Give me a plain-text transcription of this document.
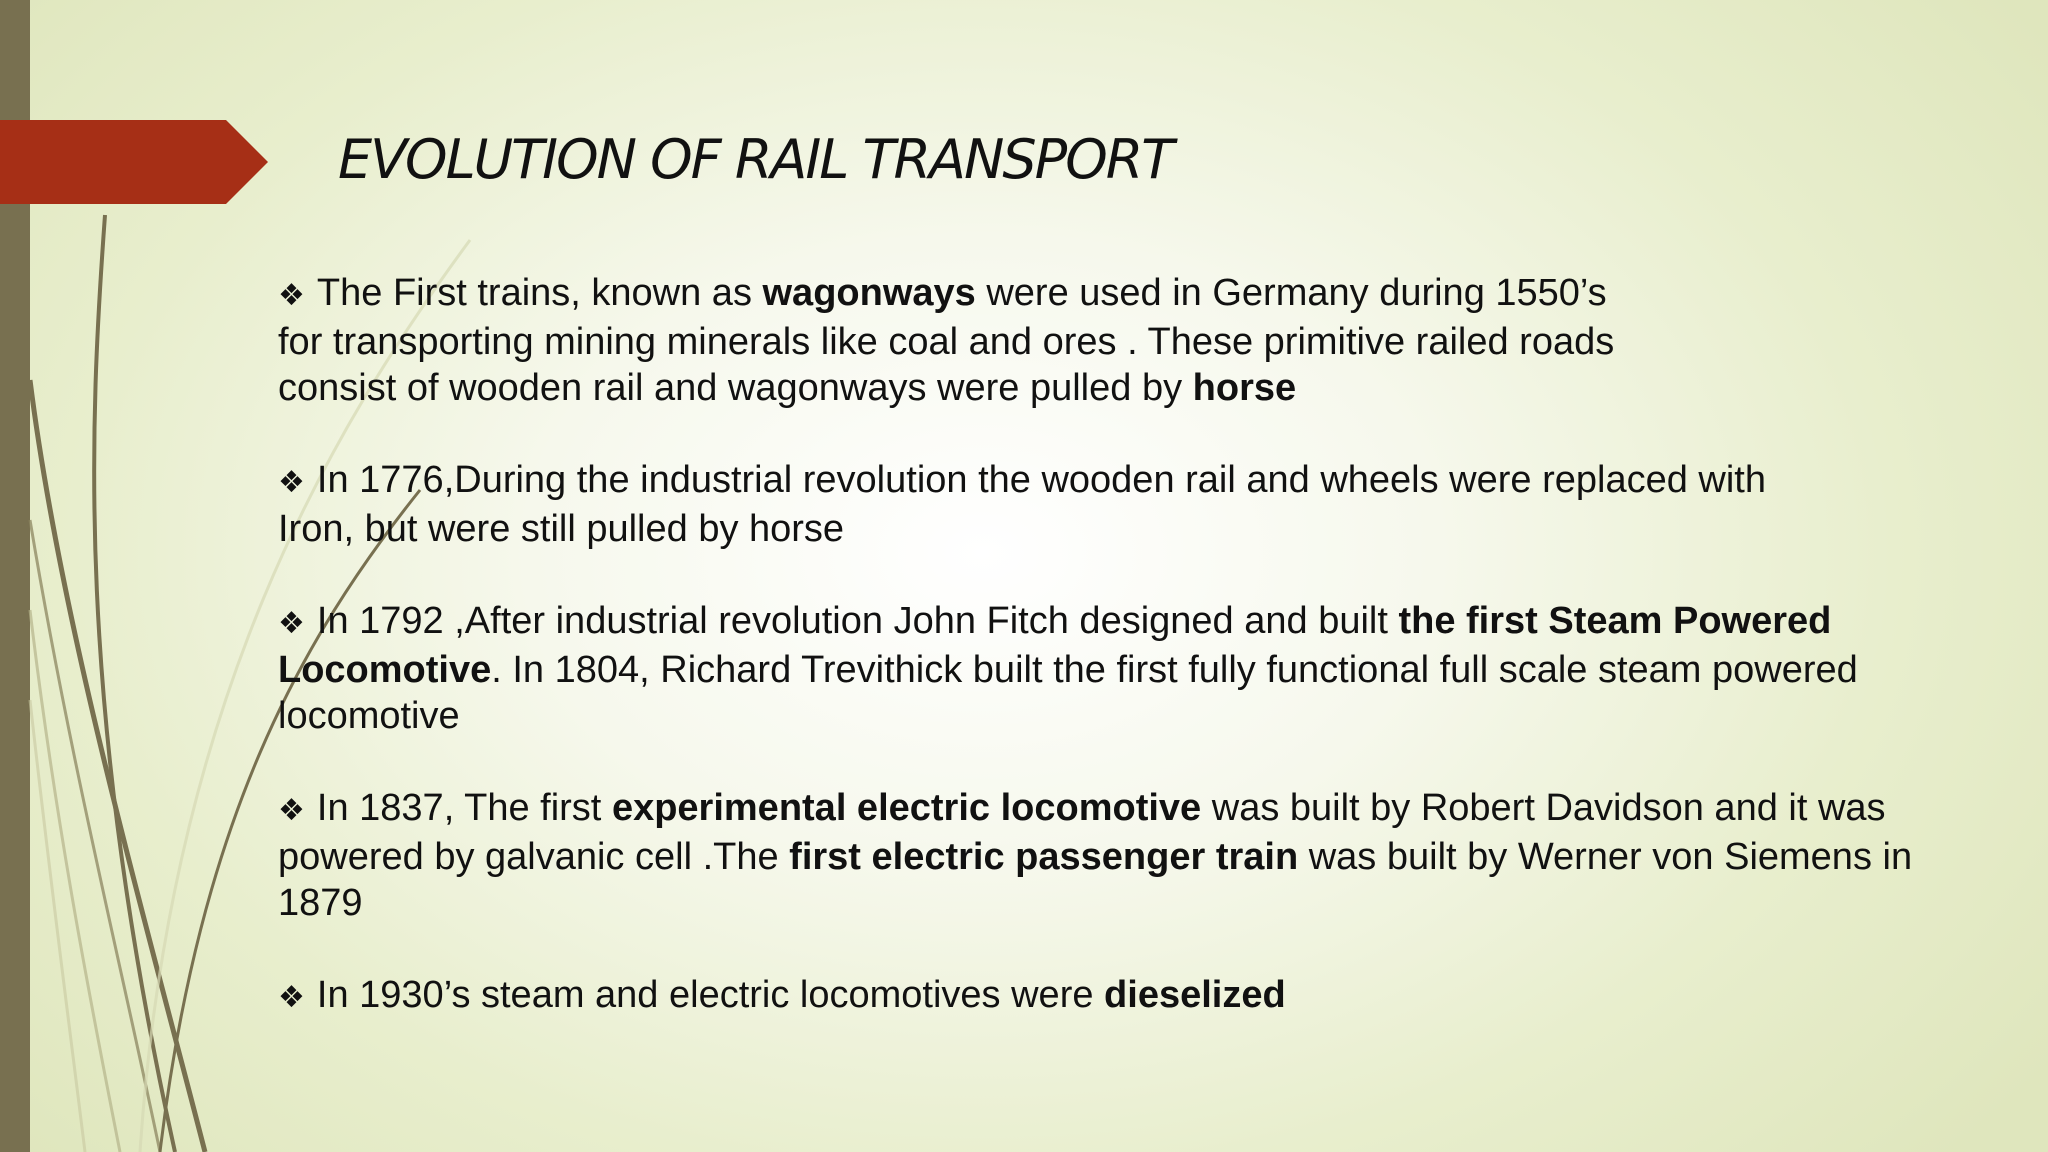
EVOLUTION OF RAIL TRANSPORT

❖ The First trains, known as wagonways were used in Germany during 1550’s
for transporting mining minerals like coal and ores . These primitive railed roads
consist of wooden rail and wagonways were pulled by horse

❖ In 1776,During the industrial revolution the wooden rail and wheels were replaced with
Iron, but were still pulled by horse

❖ In 1792 ,After industrial revolution John Fitch designed and built the first Steam Powered
Locomotive. In 1804, Richard Trevithick built the first fully functional full scale steam powered
locomotive

❖ In 1837, The first experimental electric locomotive was built by Robert Davidson and it was
powered by galvanic cell .The first electric passenger train was built by Werner von Siemens in
1879

❖ In 1930’s steam and electric locomotives were dieselized
